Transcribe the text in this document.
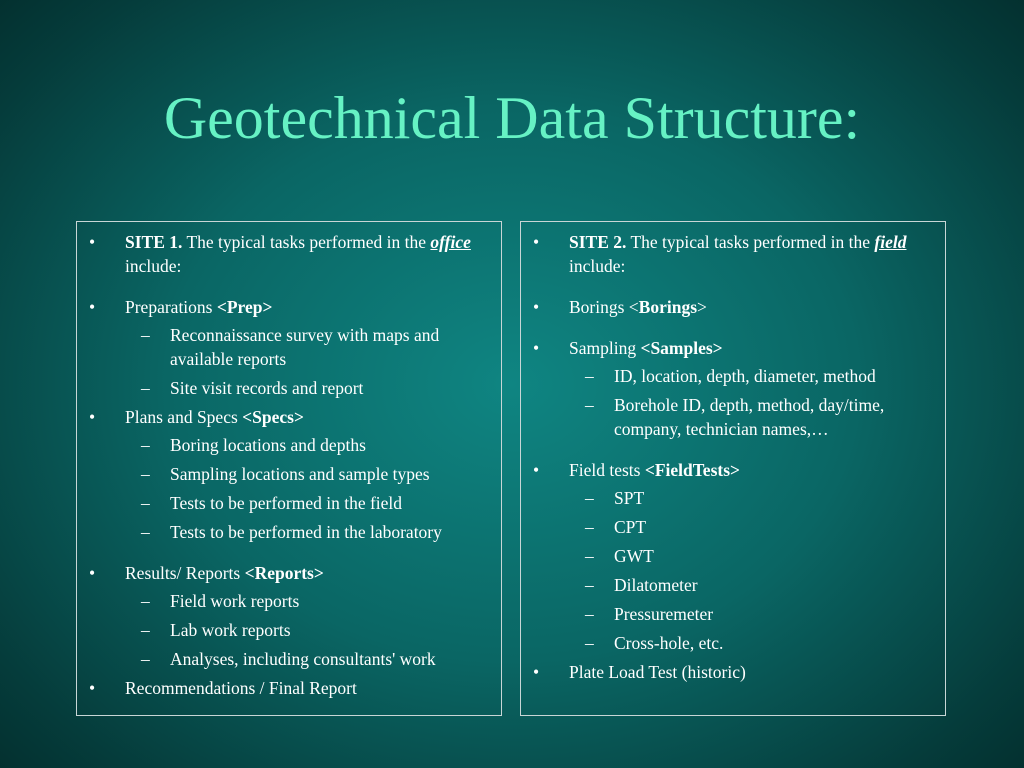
Geotechnical Data Structure:
• SITE 1. The typical tasks performed in the office include:
• Preparations <Prep>
– Reconnaissance survey with maps and available reports
– Site visit records and report
• Plans and Specs <Specs>
– Boring locations and depths
– Sampling locations and sample types
– Tests to be performed in the field
– Tests to be performed in the laboratory
• Results/ Reports <Reports>
– Field work reports
– Lab work reports
– Analyses, including consultants' work
• Recommendations / Final Report
• SITE 2. The typical tasks performed in the field include:
• Borings <Borings>
• Sampling <Samples>
– ID, location, depth, diameter, method
– Borehole ID, depth, method, day/time, company, technician names,…
• Field tests <FieldTests>
– SPT
– CPT
– GWT
– Dilatometer
– Pressuremeter
– Cross-hole, etc.
• Plate Load Test (historic)
